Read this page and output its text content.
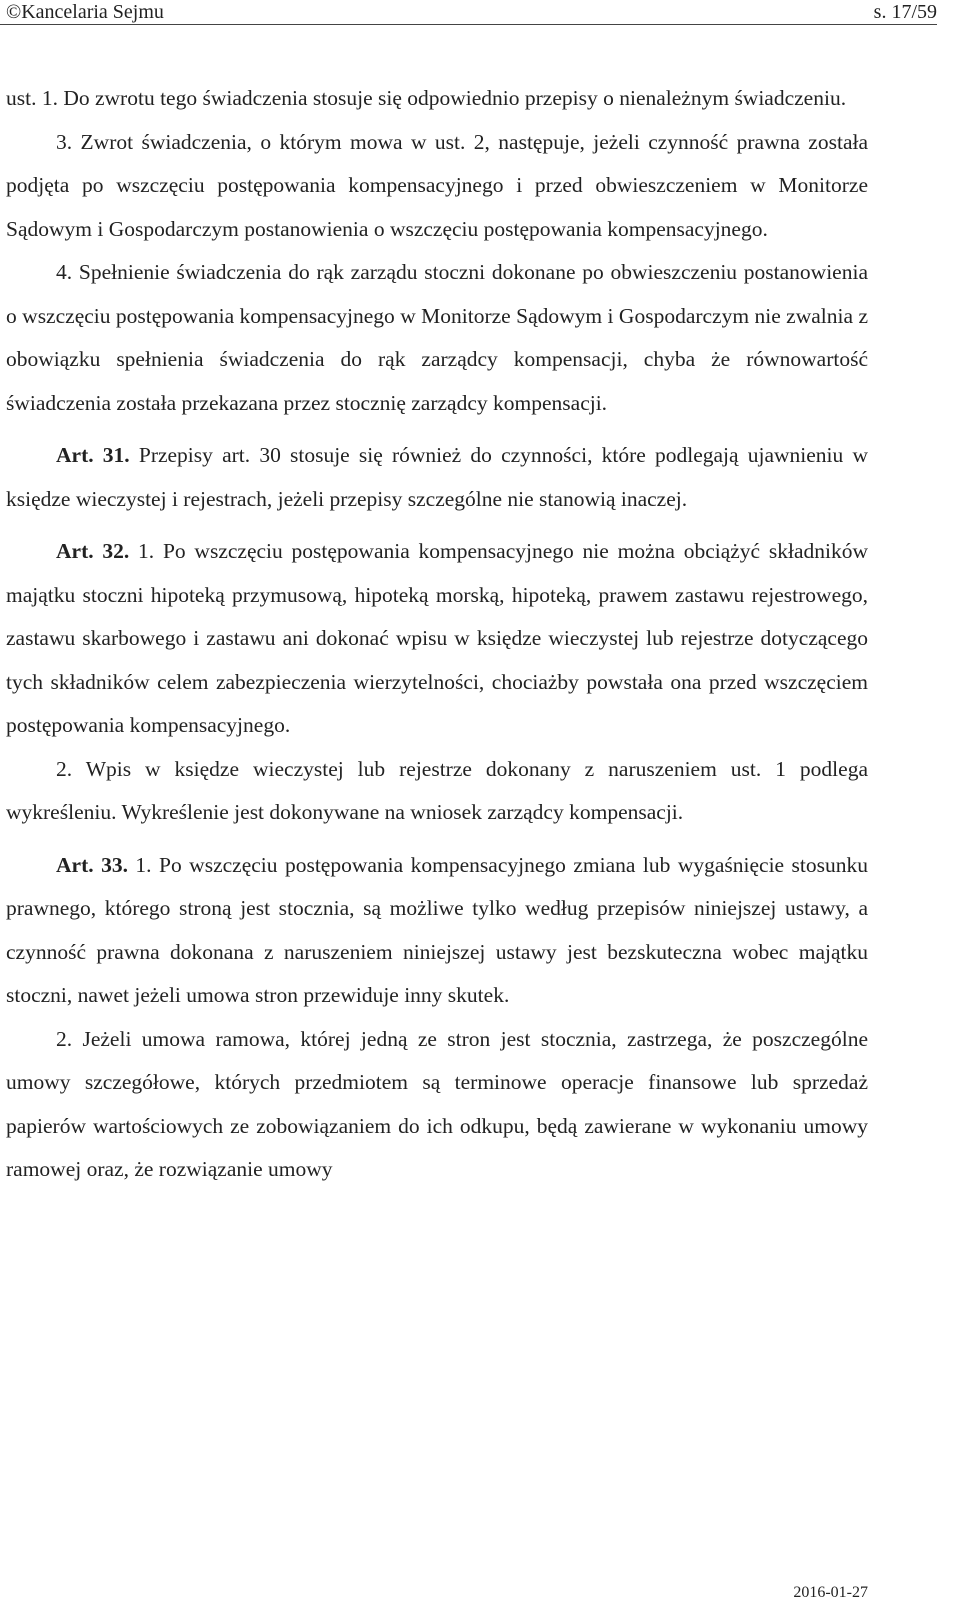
©Kancelaria Sejmu	s. 17/59

ust. 1. Do zwrotu tego świadczenia stosuje się odpowiednio przepisy o nienależnym świadczeniu.

3. Zwrot świadczenia, o którym mowa w ust. 2, następuje, jeżeli czynność prawna została podjęta po wszczęciu postępowania kompensacyjnego i przed obwieszczeniem w Monitorze Sądowym i Gospodarczym postanowienia o wszczęciu postępowania kompensacyjnego.

4. Spełnienie świadczenia do rąk zarządu stoczni dokonane po obwieszczeniu postanowienia o wszczęciu postępowania kompensacyjnego w Monitorze Sądowym i Gospodarczym nie zwalnia z obowiązku spełnienia świadczenia do rąk zarządcy kompensacji, chyba że równowartość świadczenia została przekazana przez stocznię zarządcy kompensacji.

Art. 31. Przepisy art. 30 stosuje się również do czynności, które podlegają ujawnieniu w księdze wieczystej i rejestrach, jeżeli przepisy szczególne nie stanowią inaczej.

Art. 32. 1. Po wszczęciu postępowania kompensacyjnego nie można obciążyć składników majątku stoczni hipoteką przymusową, hipoteką morską, hipoteką, prawem zastawu rejestrowego, zastawu skarbowego i zastawu ani dokonać wpisu w księdze wieczystej lub rejestrze dotyczącego tych składników celem zabezpieczenia wierzytelności, chociażby powstała ona przed wszczęciem postępowania kompensacyjnego.

2. Wpis w księdze wieczystej lub rejestrze dokonany z naruszeniem ust. 1 podlega wykreśleniu. Wykreślenie jest dokonywane na wniosek zarządcy kompensacji.

Art. 33. 1. Po wszczęciu postępowania kompensacyjnego zmiana lub wygaśnięcie stosunku prawnego, którego stroną jest stocznia, są możliwe tylko według przepisów niniejszej ustawy, a czynność prawna dokonana z naruszeniem niniejszej ustawy jest bezskuteczna wobec majątku stoczni, nawet jeżeli umowa stron przewiduje inny skutek.

2. Jeżeli umowa ramowa, której jedną ze stron jest stocznia, zastrzega, że poszczególne umowy szczegółowe, których przedmiotem są terminowe operacje finansowe lub sprzedaż papierów wartościowych ze zobowiązaniem do ich odkupu, będą zawierane w wykonaniu umowy ramowej oraz, że rozwiązanie umowy

2016-01-27
